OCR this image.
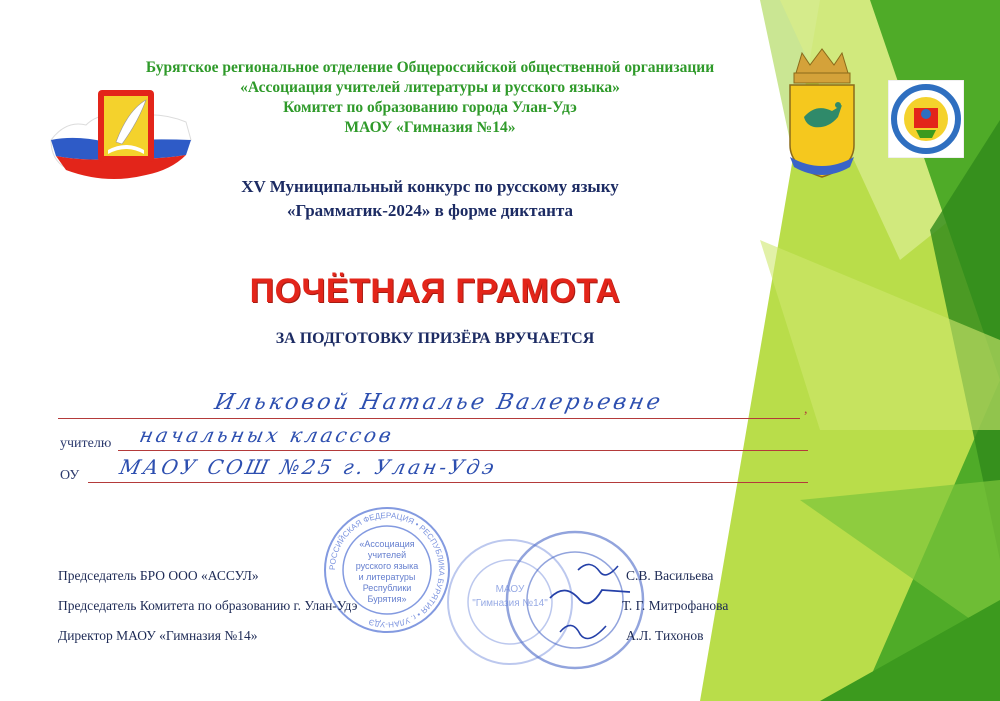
Бурятское региональное отделение Общероссийской общественной организации
«Ассоциация учителей литературы и русского языка»
Комитет по образованию города Улан-Удэ
МАОУ «Гимназия №14»
XV Муниципальный конкурс по русскому языку
«Грамматик-2024» в форме диктанта
ПОЧЁТНАЯ ГРАМОТА
ЗА ПОДГОТОВКУ ПРИЗЁРА ВРУЧАЕТСЯ
Ильковой Наталье Валерьевне	,
учителю начальных классов
ОУ МАОУ СОШ №25 г. Улан-Удэ
РОССИЙСКАЯ ФЕДЕРАЦИЯ • РЕСПУБЛИКА БУРЯТИЯ • г. УЛАН-УДЭ
«Ассоциация
учителей
русского языка
и литературы
Республики
Бурятия»
МАОУ
"Гимназия №14"
Председатель БРО ООО «АССУЛ»	С.В. Васильева
Председатель Комитета по образованию г. Улан-Удэ	Т. Г. Митрофанова
Директор МАОУ «Гимназия №14»	А.Л. Тихонов
